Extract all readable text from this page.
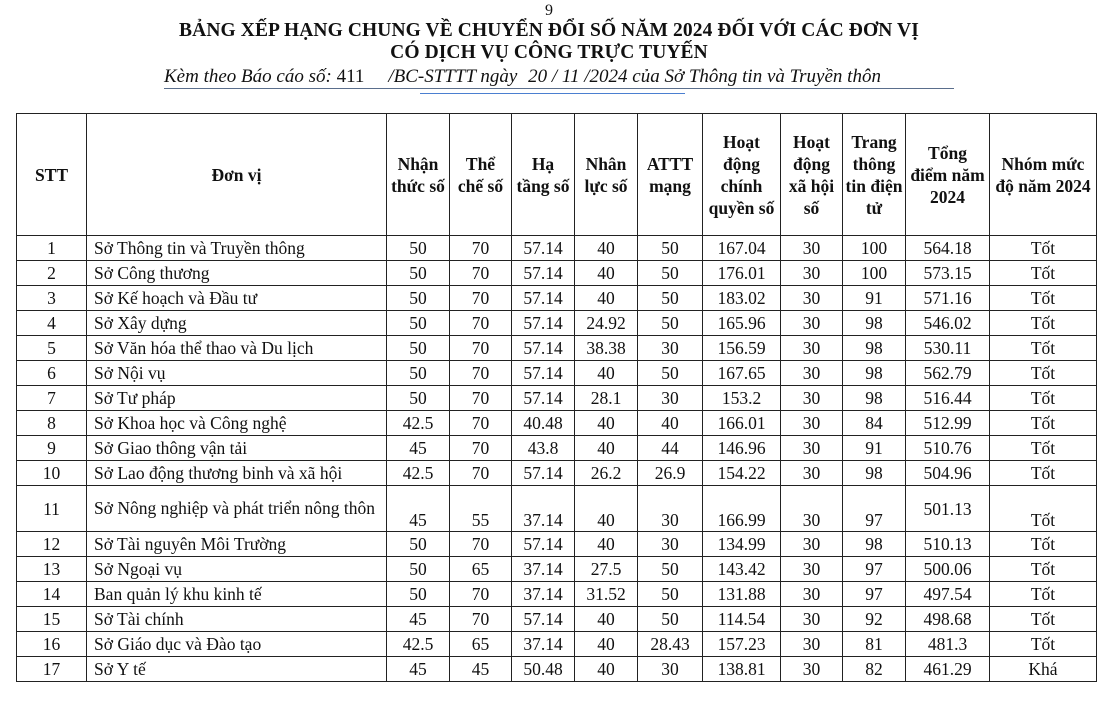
9
BẢNG XẾP HẠNG CHUNG VỀ CHUYỂN ĐỔI SỐ NĂM 2024 ĐỐI VỚI CÁC ĐƠN VỊ
CÓ DỊCH VỤ CÔNG TRỰC TUYẾN
Kèm theo Báo cáo số: 411 /BC-STTTT ngày 20 / 11 /2024 của Sở Thông tin và Truyền thôn
STT	Đơn vị	Nhận thức số	Thể chế số	Hạ tầng số	Nhân lực số	ATTT mạng	Hoạt động chính quyền số	Hoạt động xã hội số	Trang thông tin điện tử	Tổng điểm năm 2024	Nhóm mức độ năm 2024
1	Sở Thông tin và Truyền thông	50	70	57.14	40	50	167.04	30	100	564.18	Tốt
2	Sở Công thương	50	70	57.14	40	50	176.01	30	100	573.15	Tốt
3	Sở Kế hoạch và Đầu tư	50	70	57.14	40	50	183.02	30	91	571.16	Tốt
4	Sở Xây dựng	50	70	57.14	24.92	50	165.96	30	98	546.02	Tốt
5	Sở Văn hóa thể thao và Du lịch	50	70	57.14	38.38	30	156.59	30	98	530.11	Tốt
6	Sở Nội vụ	50	70	57.14	40	50	167.65	30	98	562.79	Tốt
7	Sở Tư pháp	50	70	57.14	28.1	30	153.2	30	98	516.44	Tốt
8	Sở Khoa học và Công nghệ	42.5	70	40.48	40	40	166.01	30	84	512.99	Tốt
9	Sở Giao thông vận tải	45	70	43.8	40	44	146.96	30	91	510.76	Tốt
10	Sở Lao động thương binh và xã hội	42.5	70	57.14	26.2	26.9	154.22	30	98	504.96	Tốt
11	Sở Nông nghiệp và phát triển nông thôn	45	55	37.14	40	30	166.99	30	97	501.13	Tốt
12	Sở Tài nguyên Môi Trường	50	70	57.14	40	30	134.99	30	98	510.13	Tốt
13	Sở Ngoại vụ	50	65	37.14	27.5	50	143.42	30	97	500.06	Tốt
14	Ban quản lý khu kinh tế	50	70	37.14	31.52	50	131.88	30	97	497.54	Tốt
15	Sở Tài chính	45	70	57.14	40	50	114.54	30	92	498.68	Tốt
16	Sở Giáo dục và Đào tạo	42.5	65	37.14	40	28.43	157.23	30	81	481.3	Tốt
17	Sở Y tế	45	45	50.48	40	30	138.81	30	82	461.29	Khá
